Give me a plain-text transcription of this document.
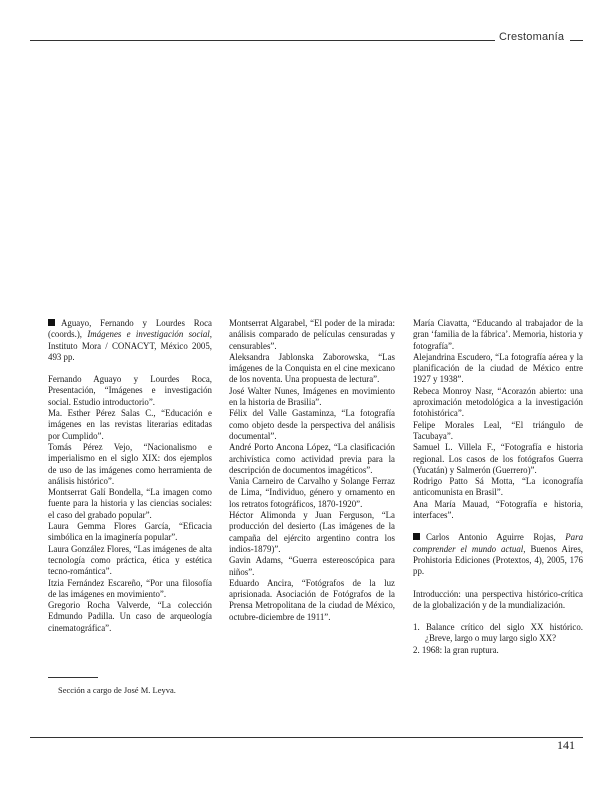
Crestomanía

Aguayo, Fernando y Lourdes Roca (coords.), Imágenes e investigación social, Instituto Mora / CONACYT, México 2005, 493 pp.

Fernando Aguayo y Lourdes Roca, Presentación, “Imágenes e investigación social. Estudio introductorio”.

Ma. Esther Pérez Salas C., “Educación e imágenes en las revistas literarias editadas por Cumplido”.

Tomás Pérez Vejo, “Nacionalismo e imperialismo en el siglo XIX: dos ejemplos de uso de las imágenes como herramienta de análisis histórico”.

Montserrat Galí Bondella, “La imagen como fuente para la historia y las ciencias sociales: el caso del grabado popular”.

Laura Gemma Flores García, “Eficacia simbólica en la imaginería popular”.

Laura González Flores, “Las imágenes de alta tecnología como práctica, ética y estética tecno-romántica”.

Itzia Fernández Escareño, “Por una filosofía de las imágenes en movimiento”.

Gregorio Rocha Valverde, “La colección Edmundo Padilla. Un caso de arqueología cinematográfica”.

Montserrat Algarabel, “El poder de la mirada: análisis comparado de películas censuradas y censurables”.

Aleksandra Jablonska Zaborowska, “Las imágenes de la Conquista en el cine mexicano de los noventa. Una propuesta de lectura”.

José Walter Nunes, Imágenes en movimiento en la historia de Brasilia”.

Félix del Valle Gastaminza, “La fotografía como objeto desde la perspectiva del análisis documental”.

André Porto Ancona López, “La clasificación archivística como actividad previa para la descripción de documentos imagéticos”.

Vania Carneiro de Carvalho y Solange Ferraz de Lima, “Individuo, género y ornamento en los retratos fotográficos, 1870-1920”.

Héctor Alimonda y Juan Ferguson, “La producción del desierto (Las imágenes de la campaña del ejército argentino contra los indios-1879)”.

Gavin Adams, “Guerra estereoscópica para niños”.

Eduardo Ancira, “Fotógrafos de la luz aprisionada. Asociación de Fotógrafos de la Prensa Metropolitana de la ciudad de México, octubre-diciembre de 1911”.

María Ciavatta, “Educando al trabajador de la gran ‘familia de la fábrica’. Memoria, historia y fotografía”.

Alejandrina Escudero, “La fotografía aérea y la planificación de la ciudad de México entre 1927 y 1938”.

Rebeca Monroy Nasr, “Acorazón abierto: una aproximación metodológica a la investigación fotohistórica”.

Felipe Morales Leal, “El triángulo de Tacubaya”.

Samuel L. Villela F., “Fotografía e historia regional. Los casos de los fotógrafos Guerra (Yucatán) y Salmerón (Guerrero)”.

Rodrigo Patto Sá Motta, “La iconografía anticomunista en Brasil”.

Ana María Mauad, “Fotografía e historia, interfaces”.

Carlos Antonio Aguirre Rojas, Para comprender el mundo actual, Buenos Aires, Prohistoria Ediciones (Protextos, 4), 2005, 176 pp.

Introducción: una perspectiva histórico-crítica de la globalización y de la mundialización.

1. Balance crítico del siglo XX histórico. ¿Breve, largo o muy largo siglo XX?

2. 1968: la gran ruptura.

Sección a cargo de José M. Leyva.
141
